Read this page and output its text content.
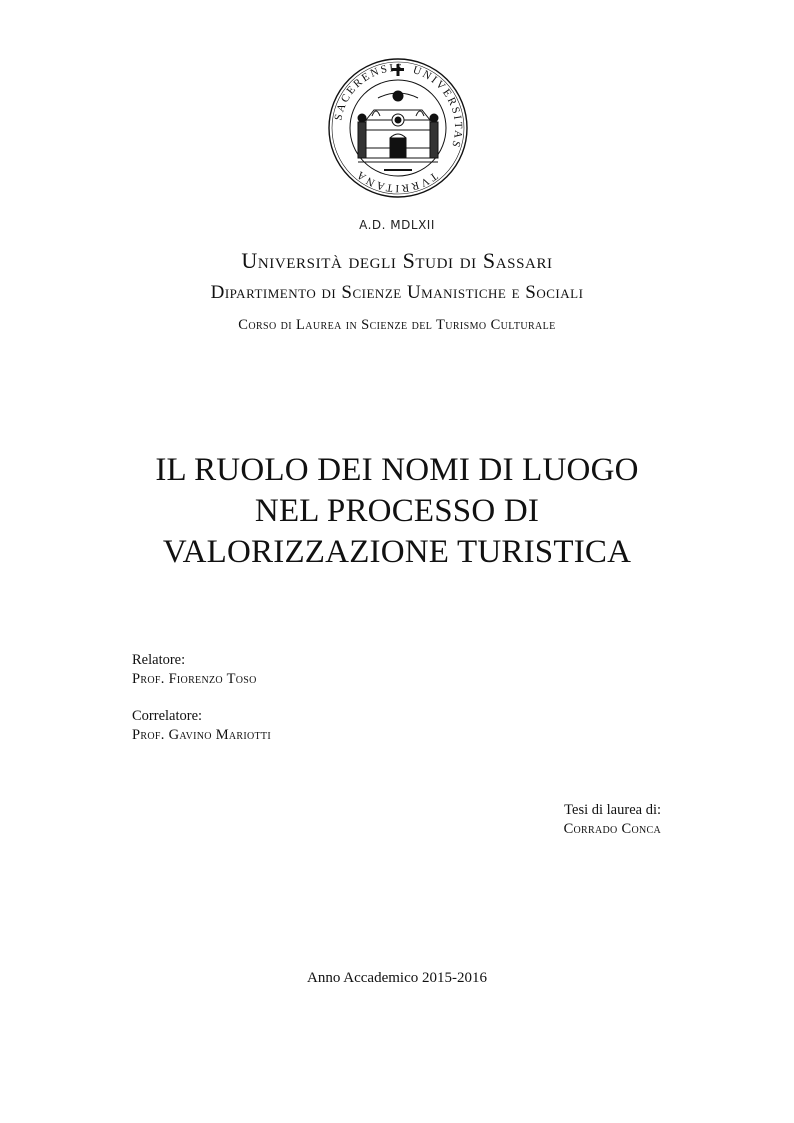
SACERENSIS UNIVERSITAS
TVRRITANA
A.D. MDLXII
Università degli Studi di Sassari
Dipartimento di Scienze Umanistiche e Sociali
Corso di Laurea in Scienze del Turismo Culturale
IL RUOLO DEI NOMI DI LUOGO
NEL PROCESSO DI
VALORIZZAZIONE TURISTICA
Relatore:
Prof. Fiorenzo Toso
Correlatore:
Prof. Gavino Mariotti
Tesi di laurea di:
Corrado Conca
Anno Accademico 2015-2016
